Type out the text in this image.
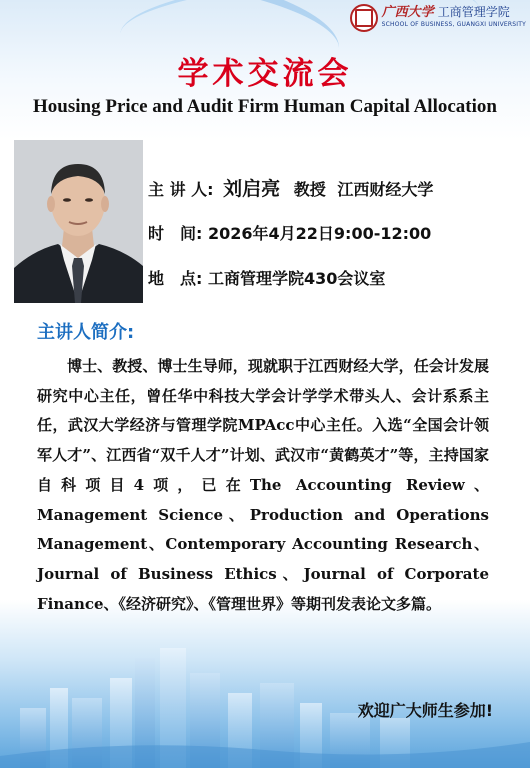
广西大学 工商管理学院
SCHOOL OF BUSINESS, GUANGXI UNIVERSITY
学术交流会
Housing Price and Audit Firm Human Capital Allocation
主 讲 人: 刘启亮 教授 江西财经大学
时　间: 2026年4月22日9:00-12:00
地　点: 工商管理学院430会议室
主讲人简介:

博士、教授、博士生导师，现就职于江西财经大学，任会计发展研究中心主任，曾任华中科技大学会计学学术带头人、会计系系主任，武汉大学经济与管理学院MPAcc中心主任。入选“全国会计领军人才”、江西省“双千人才”计划、武汉市“黄鹤英才”等，主持国家自科项目4项，已在The Accounting Review、Management Science、Production and Operations Management、Contemporary Accounting Research、Journal of Business Ethics、Journal of Corporate Finance、《经济研究》、《管理世界》等期刊发表论文多篇。

欢迎广大师生参加!
